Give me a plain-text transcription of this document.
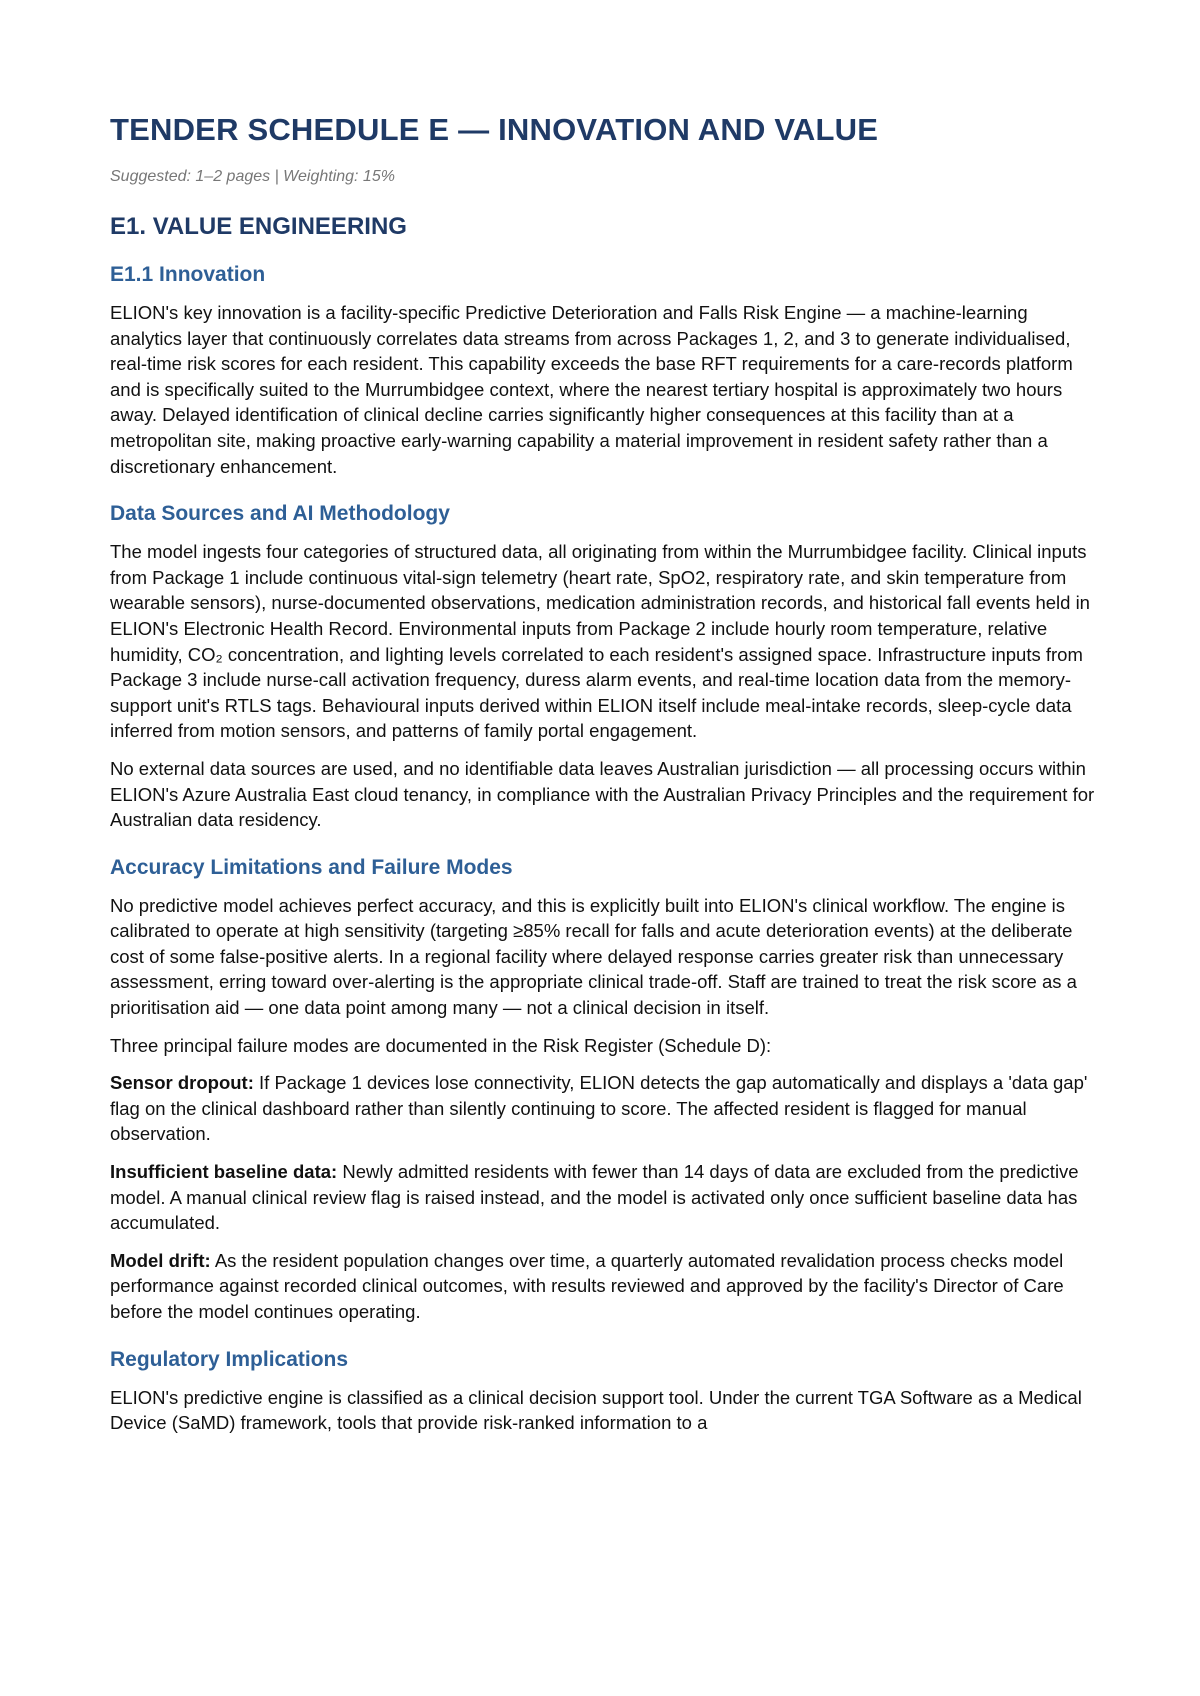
TENDER SCHEDULE E — INNOVATION AND VALUE
Suggested: 1–2 pages | Weighting: 15%
E1. VALUE ENGINEERING
E1.1 Innovation

ELION's key innovation is a facility-specific Predictive Deterioration and Falls Risk Engine — a machine-learning analytics layer that continuously correlates data streams from across Packages 1, 2, and 3 to generate individualised, real-time risk scores for each resident. This capability exceeds the base RFT requirements for a care-records platform and is specifically suited to the Murrumbidgee context, where the nearest tertiary hospital is approximately two hours away. Delayed identification of clinical decline carries significantly higher consequences at this facility than at a metropolitan site, making proactive early-warning capability a material improvement in resident safety rather than a discretionary enhancement.

Data Sources and AI Methodology

The model ingests four categories of structured data, all originating from within the Murrumbidgee facility. Clinical inputs from Package 1 include continuous vital-sign telemetry (heart rate, SpO2, respiratory rate, and skin temperature from wearable sensors), nurse-documented observations, medication administration records, and historical fall events held in ELION's Electronic Health Record. Environmental inputs from Package 2 include hourly room temperature, relative humidity, CO₂ concentration, and lighting levels correlated to each resident's assigned space. Infrastructure inputs from Package 3 include nurse-call activation frequency, duress alarm events, and real-time location data from the memory-support unit's RTLS tags. Behavioural inputs derived within ELION itself include meal-intake records, sleep-cycle data inferred from motion sensors, and patterns of family portal engagement.

No external data sources are used, and no identifiable data leaves Australian jurisdiction — all processing occurs within ELION's Azure Australia East cloud tenancy, in compliance with the Australian Privacy Principles and the requirement for Australian data residency.

Accuracy Limitations and Failure Modes

No predictive model achieves perfect accuracy, and this is explicitly built into ELION's clinical workflow. The engine is calibrated to operate at high sensitivity (targeting ≥85% recall for falls and acute deterioration events) at the deliberate cost of some false-positive alerts. In a regional facility where delayed response carries greater risk than unnecessary assessment, erring toward over-alerting is the appropriate clinical trade-off. Staff are trained to treat the risk score as a prioritisation aid — one data point among many — not a clinical decision in itself.

Three principal failure modes are documented in the Risk Register (Schedule D):

Sensor dropout: If Package 1 devices lose connectivity, ELION detects the gap automatically and displays a 'data gap' flag on the clinical dashboard rather than silently continuing to score. The affected resident is flagged for manual observation.

Insufficient baseline data: Newly admitted residents with fewer than 14 days of data are excluded from the predictive model. A manual clinical review flag is raised instead, and the model is activated only once sufficient baseline data has accumulated.

Model drift: As the resident population changes over time, a quarterly automated revalidation process checks model performance against recorded clinical outcomes, with results reviewed and approved by the facility's Director of Care before the model continues operating.

Regulatory Implications

ELION's predictive engine is classified as a clinical decision support tool. Under the current TGA Software as a Medical Device (SaMD) framework, tools that provide risk-ranked information to a
